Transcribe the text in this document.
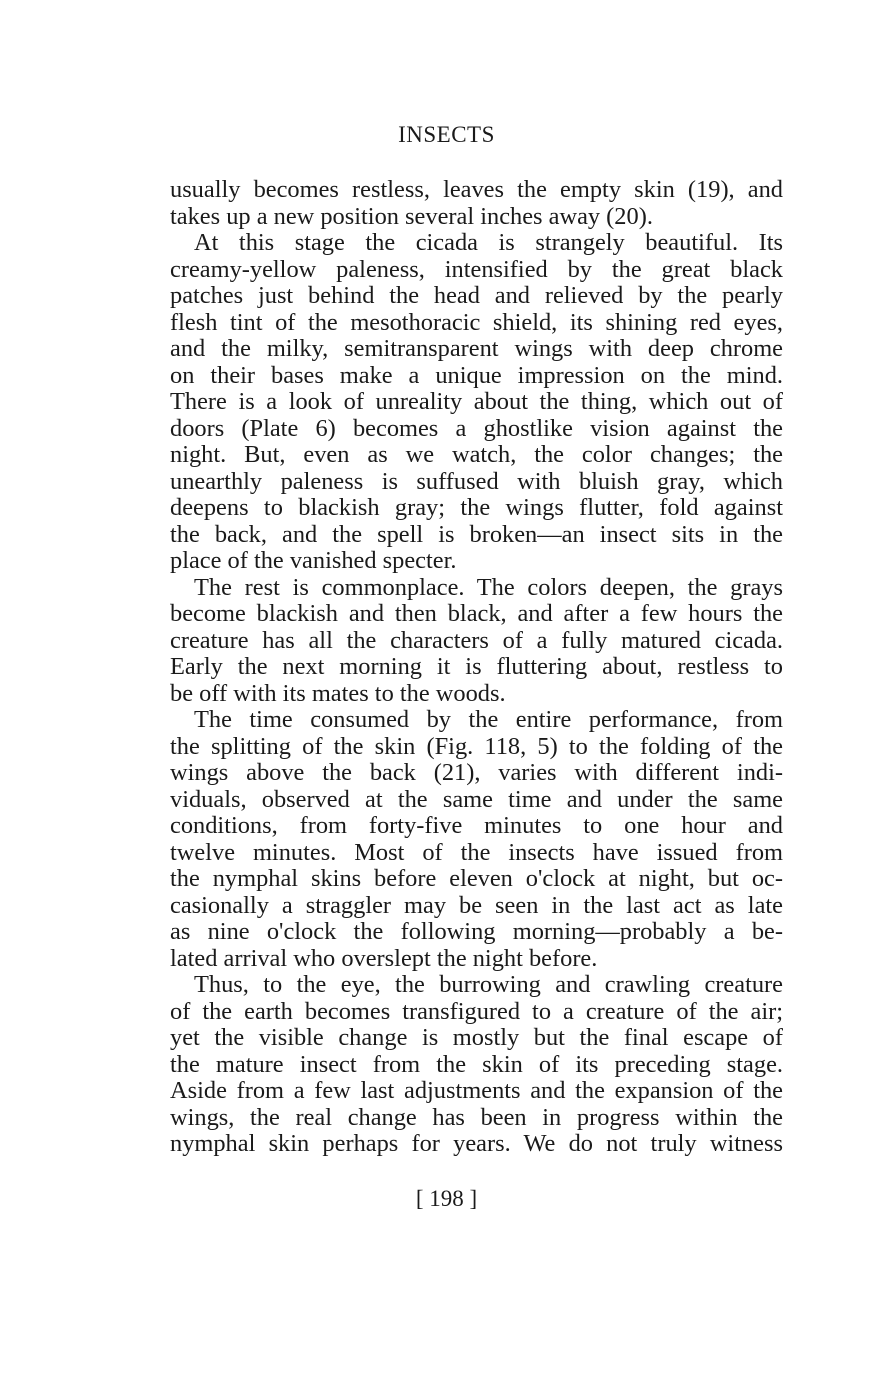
INSECTS
usually becomes restless, leaves the empty skin (19), and
takes up a new position several inches away (20).
At this stage the cicada is strangely beautiful. Its
creamy-yellow paleness, intensified by the great black
patches just behind the head and relieved by the pearly
flesh tint of the mesothoracic shield, its shining red eyes,
and the milky, semitransparent wings with deep chrome
on their bases make a unique impression on the mind.
There is a look of unreality about the thing, which out of
doors (Plate 6) becomes a ghostlike vision against the
night. But, even as we watch, the color changes; the
unearthly paleness is suffused with bluish gray, which
deepens to blackish gray; the wings flutter, fold against
the back, and the spell is broken—an insect sits in the
place of the vanished specter.
The rest is commonplace. The colors deepen, the grays
become blackish and then black, and after a few hours the
creature has all the characters of a fully matured cicada.
Early the next morning it is fluttering about, restless to
be off with its mates to the woods.
The time consumed by the entire performance, from
the splitting of the skin (Fig. 118, 5) to the folding of the
wings above the back (21), varies with different indi-
viduals, observed at the same time and under the same
conditions, from forty-five minutes to one hour and
twelve minutes. Most of the insects have issued from
the nymphal skins before eleven o'clock at night, but oc-
casionally a straggler may be seen in the last act as late
as nine o'clock the following morning—probably a be-
lated arrival who overslept the night before.
Thus, to the eye, the burrowing and crawling creature
of the earth becomes transfigured to a creature of the air;
yet the visible change is mostly but the final escape of
the mature insect from the skin of its preceding stage.
Aside from a few last adjustments and the expansion of the
wings, the real change has been in progress within the
nymphal skin perhaps for years. We do not truly witness
[ 198 ]
